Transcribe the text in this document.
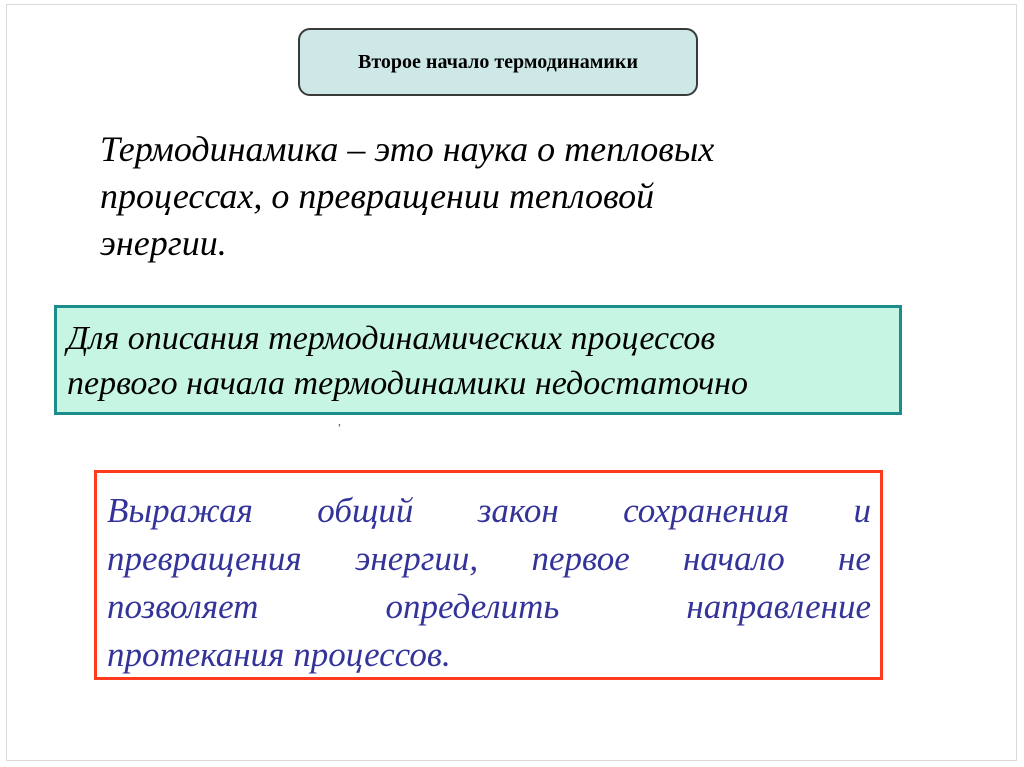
Второе начало термодинамики
Термодинамика – это наука о тепловых
процессах, о превращении тепловой
энергии.
Для описания термодинамических процессов
первого начала термодинамики недостаточно
,
Выражая общий закон сохранения и
превращения энергии, первое начало не
позволяет	определить	направление
протекания процессов.
